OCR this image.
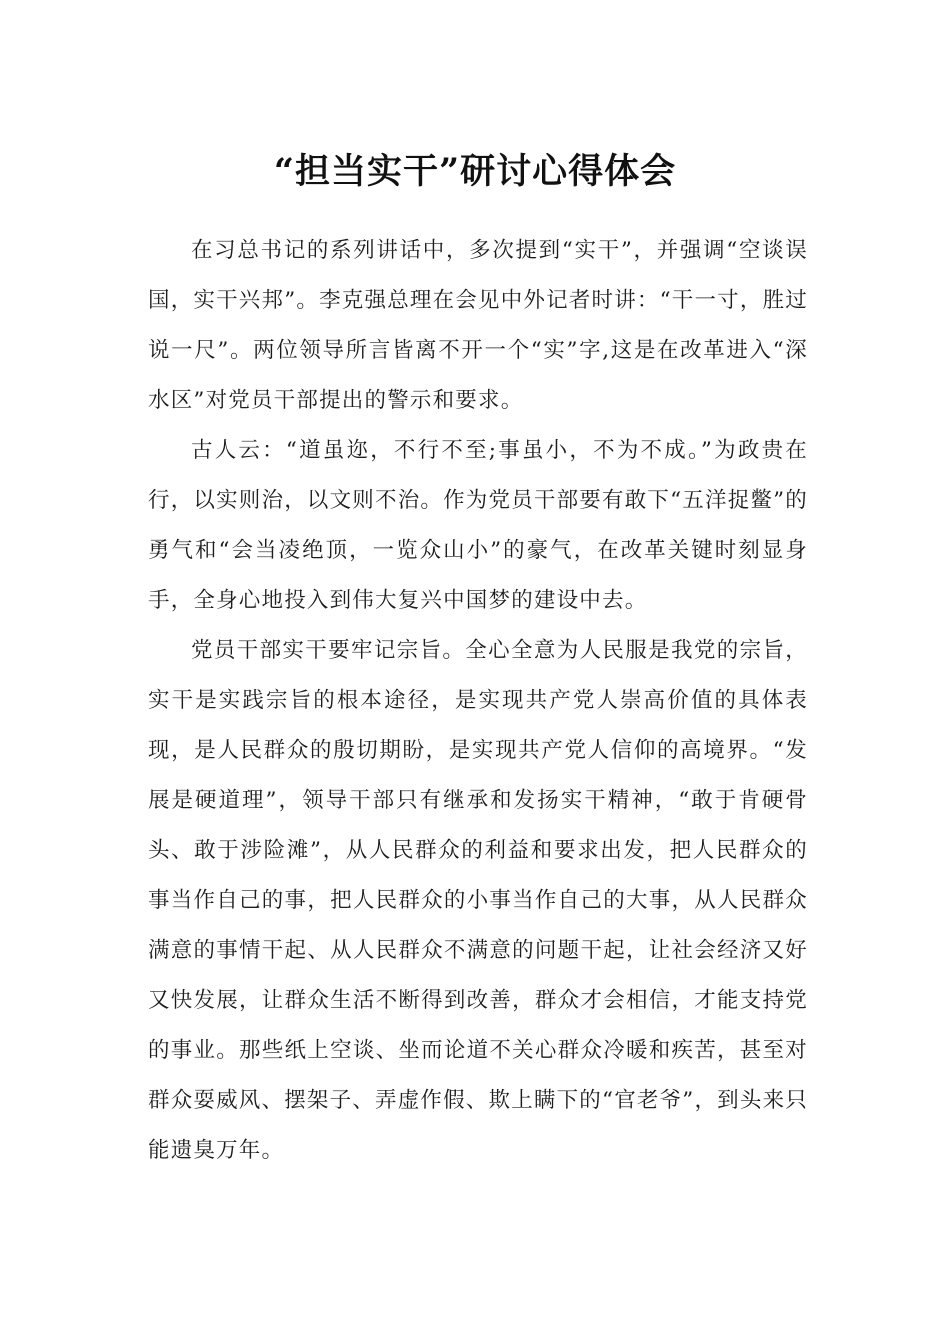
“担当实干”研讨心得体会

在习总书记的系列讲话中，多次提到“实干”，并强调“空谈误国，实干兴邦”。李克强总理在会见中外记者时讲：“干一寸，胜过说一尺”。两位领导所言皆离不开一个“实”字,这是在改革进入“深水区”对党员干部提出的警示和要求。

古人云：“道虽迩，不行不至;事虽小，不为不成。”为政贵在行，以实则治，以文则不治。作为党员干部要有敢下“五洋捉鳖”的勇气和“会当凌绝顶，一览众山小”的豪气，在改革关键时刻显身手，全身心地投入到伟大复兴中国梦的建设中去。

党员干部实干要牢记宗旨。全心全意为人民服是我党的宗旨，实干是实践宗旨的根本途径，是实现共产党人崇高价值的具体表现，是人民群众的殷切期盼，是实现共产党人信仰的高境界。“发展是硬道理”，领导干部只有继承和发扬实干精神，“敢于肯硬骨头、敢于涉险滩”，从人民群众的利益和要求出发，把人民群众的事当作自己的事，把人民群众的小事当作自己的大事，从人民群众满意的事情干起、从人民群众不满意的问题干起，让社会经济又好又快发展，让群众生活不断得到改善，群众才会相信，才能支持党的事业。那些纸上空谈、坐而论道不关心群众冷暖和疾苦，甚至对群众耍威风、摆架子、弄虚作假、欺上瞒下的“官老爷”，到头来只能遗臭万年。
